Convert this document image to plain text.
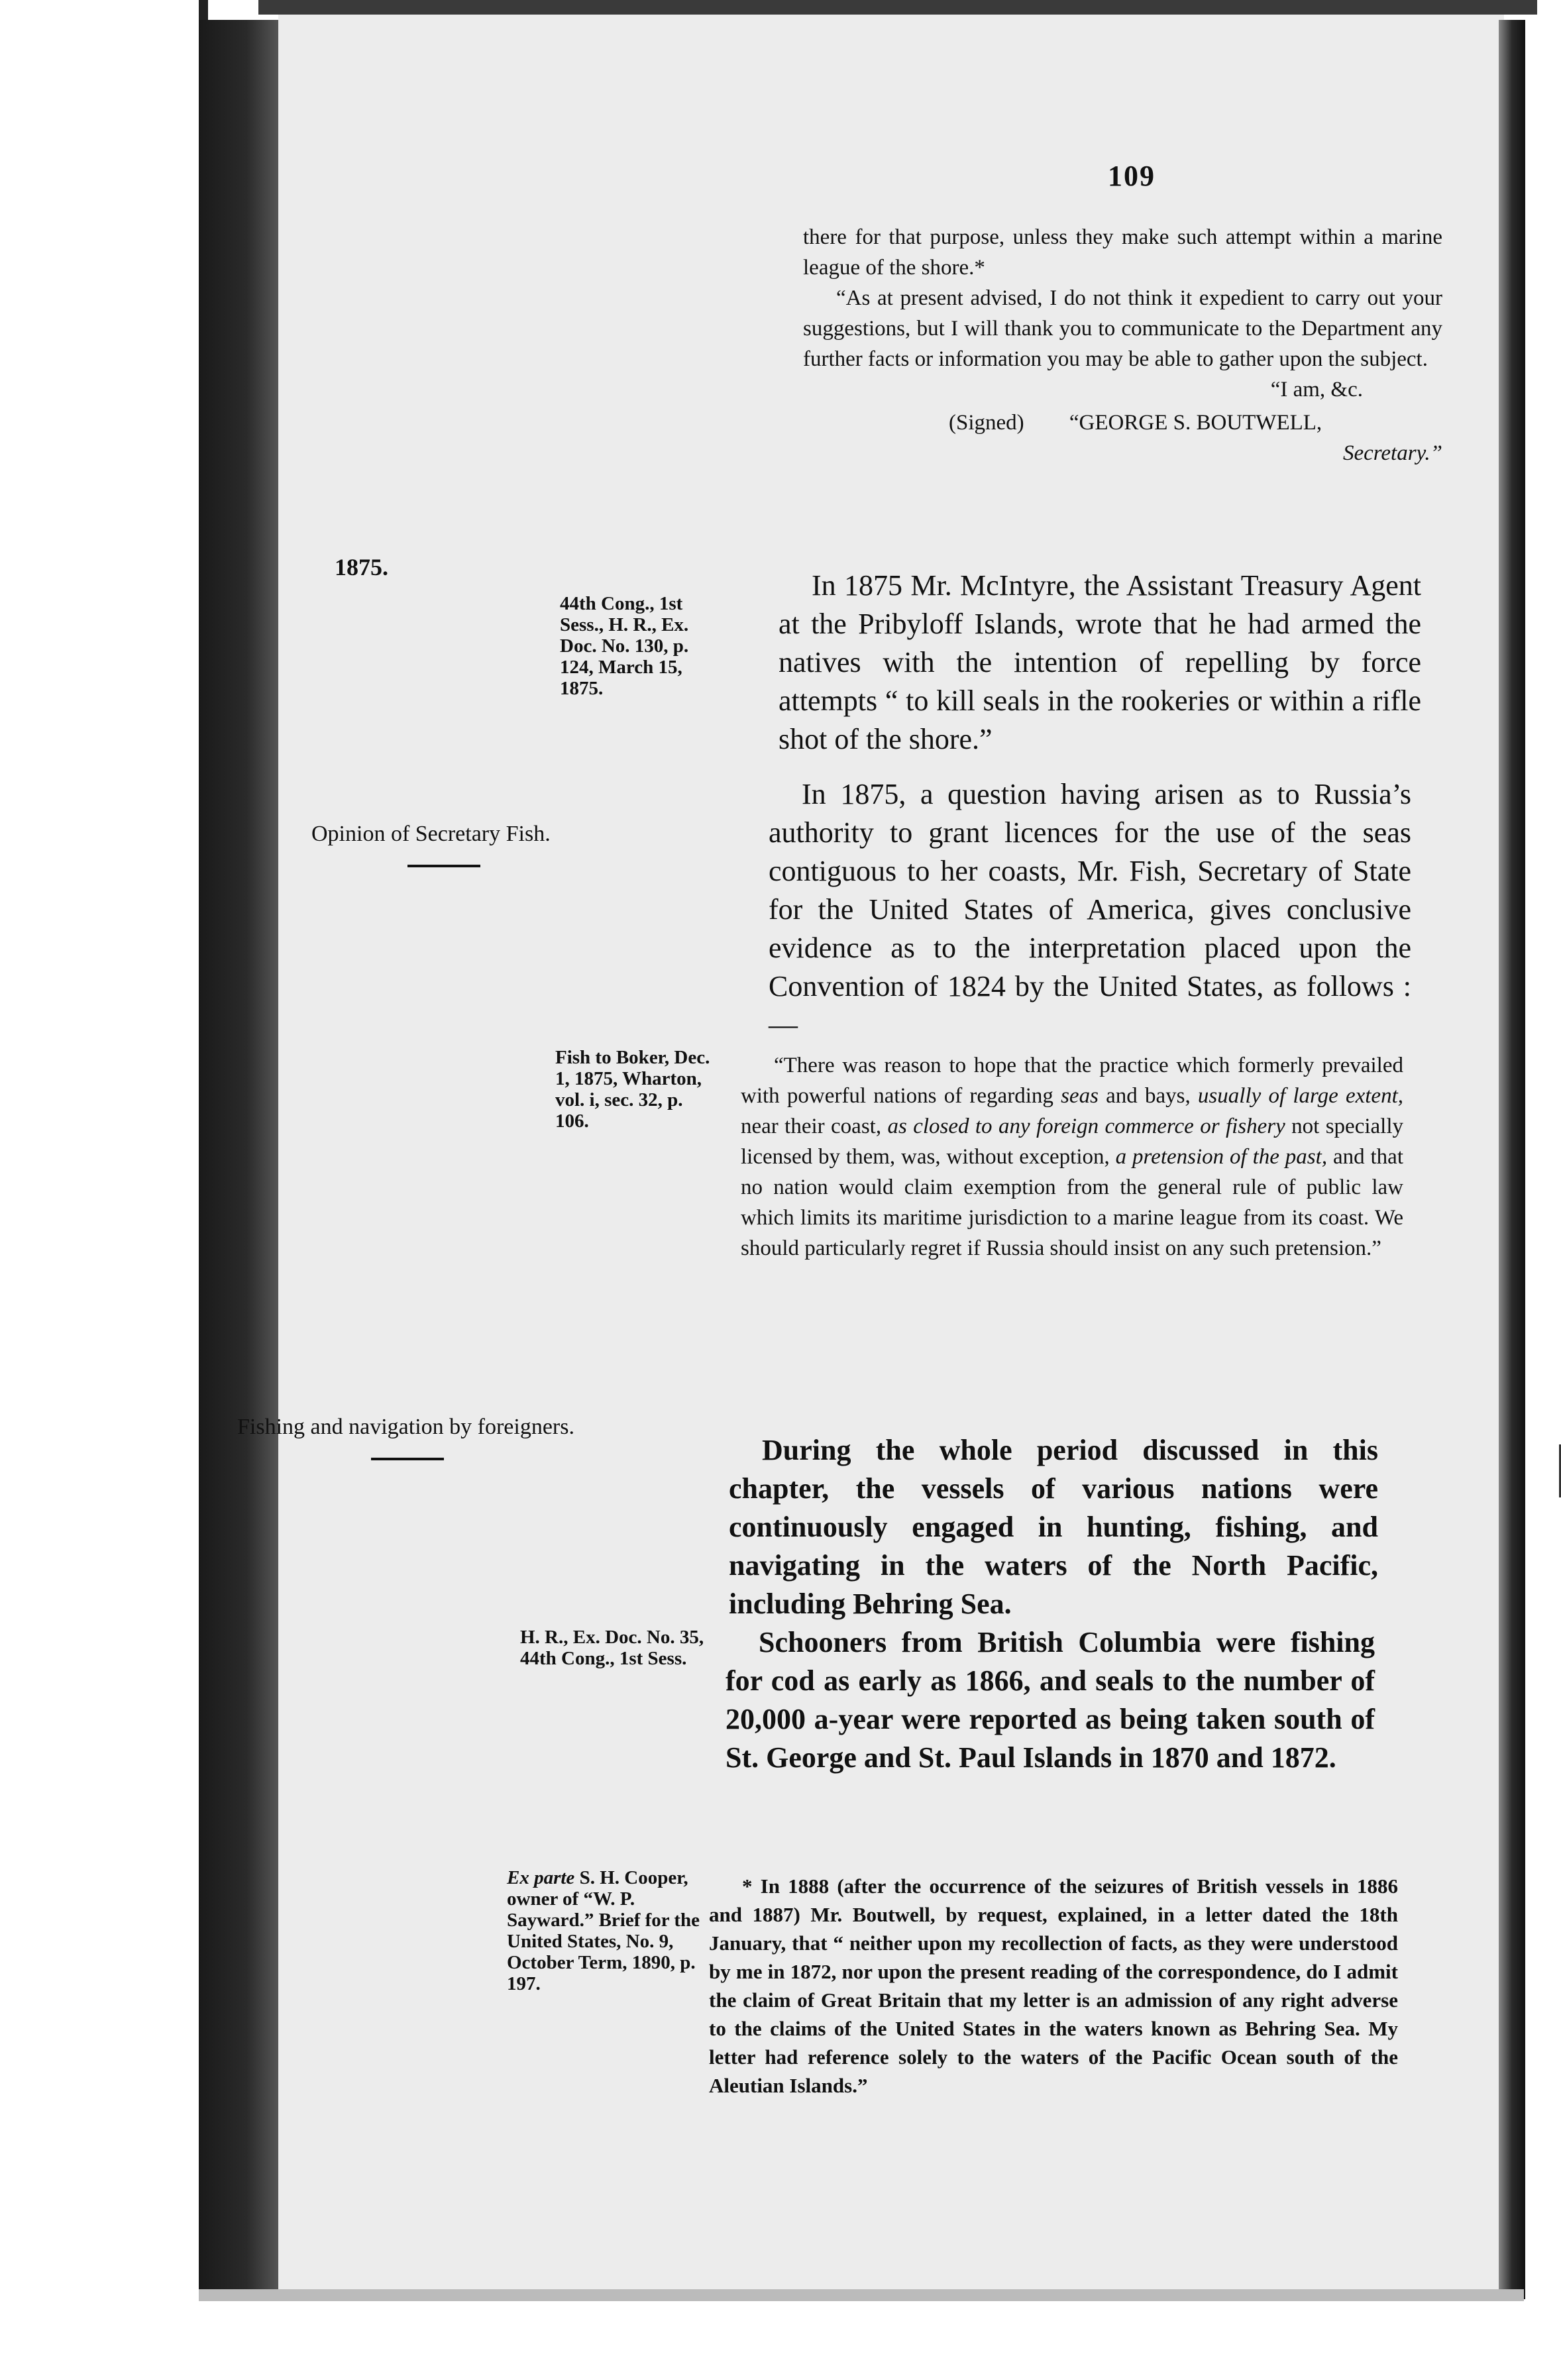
109

there for that purpose, unless they make such attempt within a marine league of the shore.*

“As at present advised, I do not think it expedient to carry out your suggestions, but I will thank you to communicate to the Department any further facts or information you may be able to gather upon the subject.

“I am, &c.

(Signed) “GEORGE S. BOUTWELL,

Secretary.”

1875.
44th Cong., 1st Sess., H. R., Ex. Doc. No. 130, p. 124, March 15, 1875.

In 1875 Mr. McIntyre, the Assistant Treasury Agent at the Pribyloff Islands, wrote that he had armed the natives with the intention of repelling by force attempts “ to kill seals in the rookeries or within a rifle shot of the shore.”

Opinion of Secretary Fish.

In 1875, a question having arisen as to Russia’s authority to grant licences for the use of the seas contiguous to her coasts, Mr. Fish, Secretary of State for the United States of America, gives conclusive evidence as to the interpretation placed upon the Convention of 1824 by the United States, as follows :—

Fish to Boker, Dec. 1, 1875, Wharton, vol. i, sec. 32, p. 106.

“There was reason to hope that the practice which formerly prevailed with powerful nations of regarding seas and bays, usually of large extent, near their coast, as closed to any foreign commerce or fishery not specially licensed by them, was, without exception, a pretension of the past, and that no nation would claim exemption from the general rule of public law which limits its maritime jurisdiction to a marine league from its coast. We should particularly regret if Russia should insist on any such pretension.”

Fishing and navigation by foreigners.

During the whole period discussed in this chapter, the vessels of various nations were continuously engaged in hunting, fishing, and navigating in the waters of the North Pacific, including Behring Sea.

H. R., Ex. Doc. No. 35, 44th Cong., 1st Sess.	Schooners from British Columbia were fishing for cod as early as 1866, and seals to the number of 20,000 a-year were reported as being taken south of St. George and St. Paul Islands in 1870 and 1872.

Ex parte S. H. Cooper, owner of “W. P. Sayward.” Brief for the United States, No. 9, October Term, 1890, p. 197.

* In 1888 (after the occurrence of the seizures of British vessels in 1886 and 1887) Mr. Boutwell, by request, explained, in a letter dated the 18th January, that “ neither upon my recollection of facts, as they were understood by me in 1872, nor upon the present reading of the correspondence, do I admit the claim of Great Britain that my letter is an admission of any right adverse to the claims of the United States in the waters known as Behring Sea. My letter had reference solely to the waters of the Pacific Ocean south of the Aleutian Islands.”
